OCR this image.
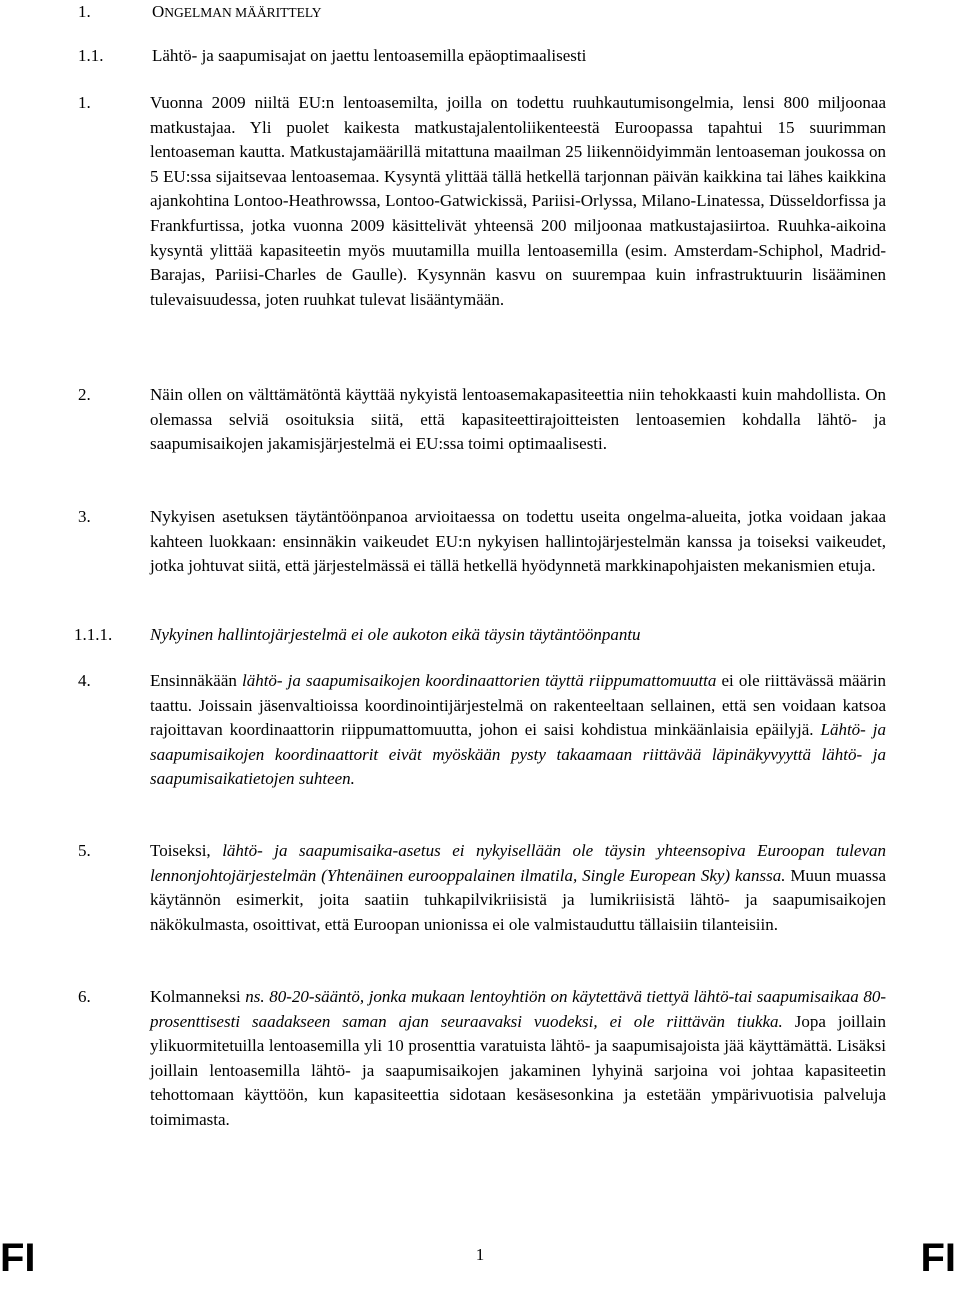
1.	ONGELMAN MÄÄRITTELY
1.1.	Lähtö- ja saapumisajat on jaettu lentoasemilla epäoptimaalisesti
1.	Vuonna 2009 niiltä EU:n lentoasemilta, joilla on todettu ruuhkautumisongelmia, lensi 800 miljoonaa matkustajaa. Yli puolet kaikesta matkustajalentoliikenteestä Euroopassa tapahtui 15 suurimman lentoaseman kautta. Matkustajamäärillä mitattuna maailman 25 liikennöidyimmän lentoaseman joukossa on 5 EU:ssa sijaitsevaa lentoasemaa. Kysyntä ylittää tällä hetkellä tarjonnan päivän kaikkina tai lähes kaikkina ajankohtina Lontoo-Heathrowssa, Lontoo-Gatwickissä, Pariisi-Orlyssa, Milano-Linatessa, Düsseldorfissa ja Frankfurtissa, jotka vuonna 2009 käsittelivät yhteensä 200 miljoonaa matkustajasiirtoa. Ruuhka-aikoina kysyntä ylittää kapasiteetin myös muutamilla muilla lentoasemilla (esim. Amsterdam-Schiphol, Madrid-Barajas, Pariisi-Charles de Gaulle). Kysynnän kasvu on suurempaa kuin infrastruktuurin lisääminen tulevaisuudessa, joten ruuhkat tulevat lisääntymään.
2.	Näin ollen on välttämätöntä käyttää nykyistä lentoasemakapasiteettia niin tehokkaasti kuin mahdollista. On olemassa selviä osoituksia siitä, että kapasiteettirajoitteisten lentoasemien kohdalla lähtö- ja saapumisaikojen jakamisjärjestelmä ei EU:ssa toimi optimaalisesti.
3.	Nykyisen asetuksen täytäntöönpanoa arvioitaessa on todettu useita ongelma-alueita, jotka voidaan jakaa kahteen luokkaan: ensinnäkin vaikeudet EU:n nykyisen hallintojärjestelmän kanssa ja toiseksi vaikeudet, jotka johtuvat siitä, että järjestelmässä ei tällä hetkellä hyödynnetä markkinapohjaisten mekanismien etuja.
1.1.1. Nykyinen hallintojärjestelmä ei ole aukoton eikä täysin täytäntöönpantu
4.	Ensinnäkään lähtö- ja saapumisaikojen koordinaattorien täyttä riippumattomuutta ei ole riittävässä määrin taattu. Joissain jäsenvaltioissa koordinointijärjestelmä on rakenteeltaan sellainen, että sen voidaan katsoa rajoittavan koordinaattorin riippumattomuutta, johon ei saisi kohdistua minkäänlaisia epäilyjä. Lähtö- ja saapumisaikojen koordinaattorit eivät myöskään pysty takaamaan riittävää läpinäkyvyyttä lähtö- ja saapumisaikatietojen suhteen.
5.	Toiseksi, lähtö- ja saapumisaika-asetus ei nykyisellään ole täysin yhteensopiva Euroopan tulevan lennonjohtojärjestelmän (Yhtenäinen eurooppalainen ilmatila, Single European Sky) kanssa. Muun muassa käytännön esimerkit, joita saatiin tuhkapilvikriisistä ja lumikriisistä lähtö- ja saapumisaikojen näkökulmasta, osoittivat, että Euroopan unionissa ei ole valmistauduttu tällaisiin tilanteisiin.
6.	Kolmanneksi ns. 80-20-sääntö, jonka mukaan lentoyhtiön on käytettävä tiettyä lähtö-tai saapumisaikaa 80-prosenttisesti saadakseen saman ajan seuraavaksi vuodeksi, ei ole riittävän tiukka. Jopa joillain ylikuormitetuilla lentoasemilla yli 10 prosenttia varatuista lähtö- ja saapumisajoista jää käyttämättä. Lisäksi joillain lentoasemilla lähtö- ja saapumisaikojen jakaminen lyhyinä sarjoina voi johtaa kapasiteetin tehottomaan käyttöön, kun kapasiteettia sidotaan kesäsesonkina ja estetään ympärivuotisia palveluja toimimasta.
FI	1	FI
